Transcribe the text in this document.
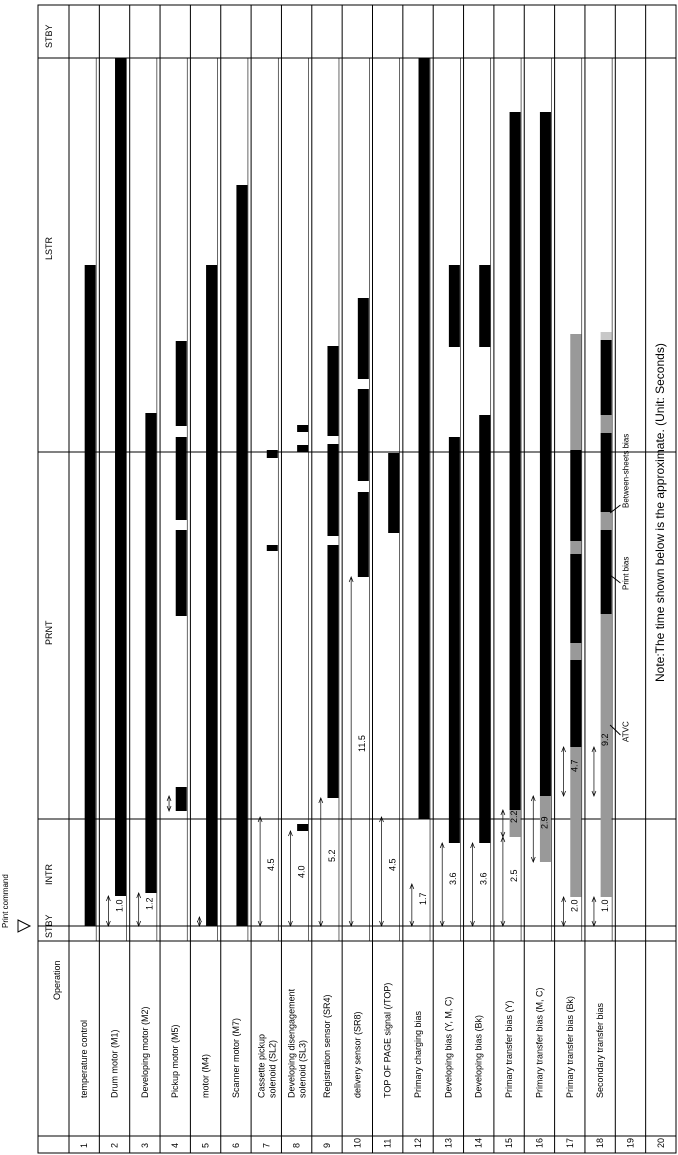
STBY
INTR
PRNT
LSTR
STBY
Operation
Print command
Note:The time shown below is the approximate. (Unit: Seconds)
1
temperature control
2
Drum motor (M1)
3
Developing motor (M2)
4
Pickup motor (M5)
5
motor (M4)
6
Scanner motor (M7)
7
Cassette pickup solenoid (SL2)
8
Developing disengagement solenoid (SL3)
9
Registration sensor (SR4)
10
delivery sensor (SR8)
11
TOP OF PAGE signal (/TOP)
12
Primary charging bias
13
Developing bias (Y, M, C)
14
Developing bias (Bk)
15
Primary transfer bias (Y)
16
Primary transfer bias (M, C)
17
Primary transfer bias (Bk)
18
Secondary transfer bias
19 20
1.0 1.2
0.7
0.2
4.5
4.0
5.2
11.5
4.5
1.7
3.6 3.6 2.5
2.2 2.9
2.0
4.7
1.0
9.2 ATVC
Print bias
Between-sheets bias
